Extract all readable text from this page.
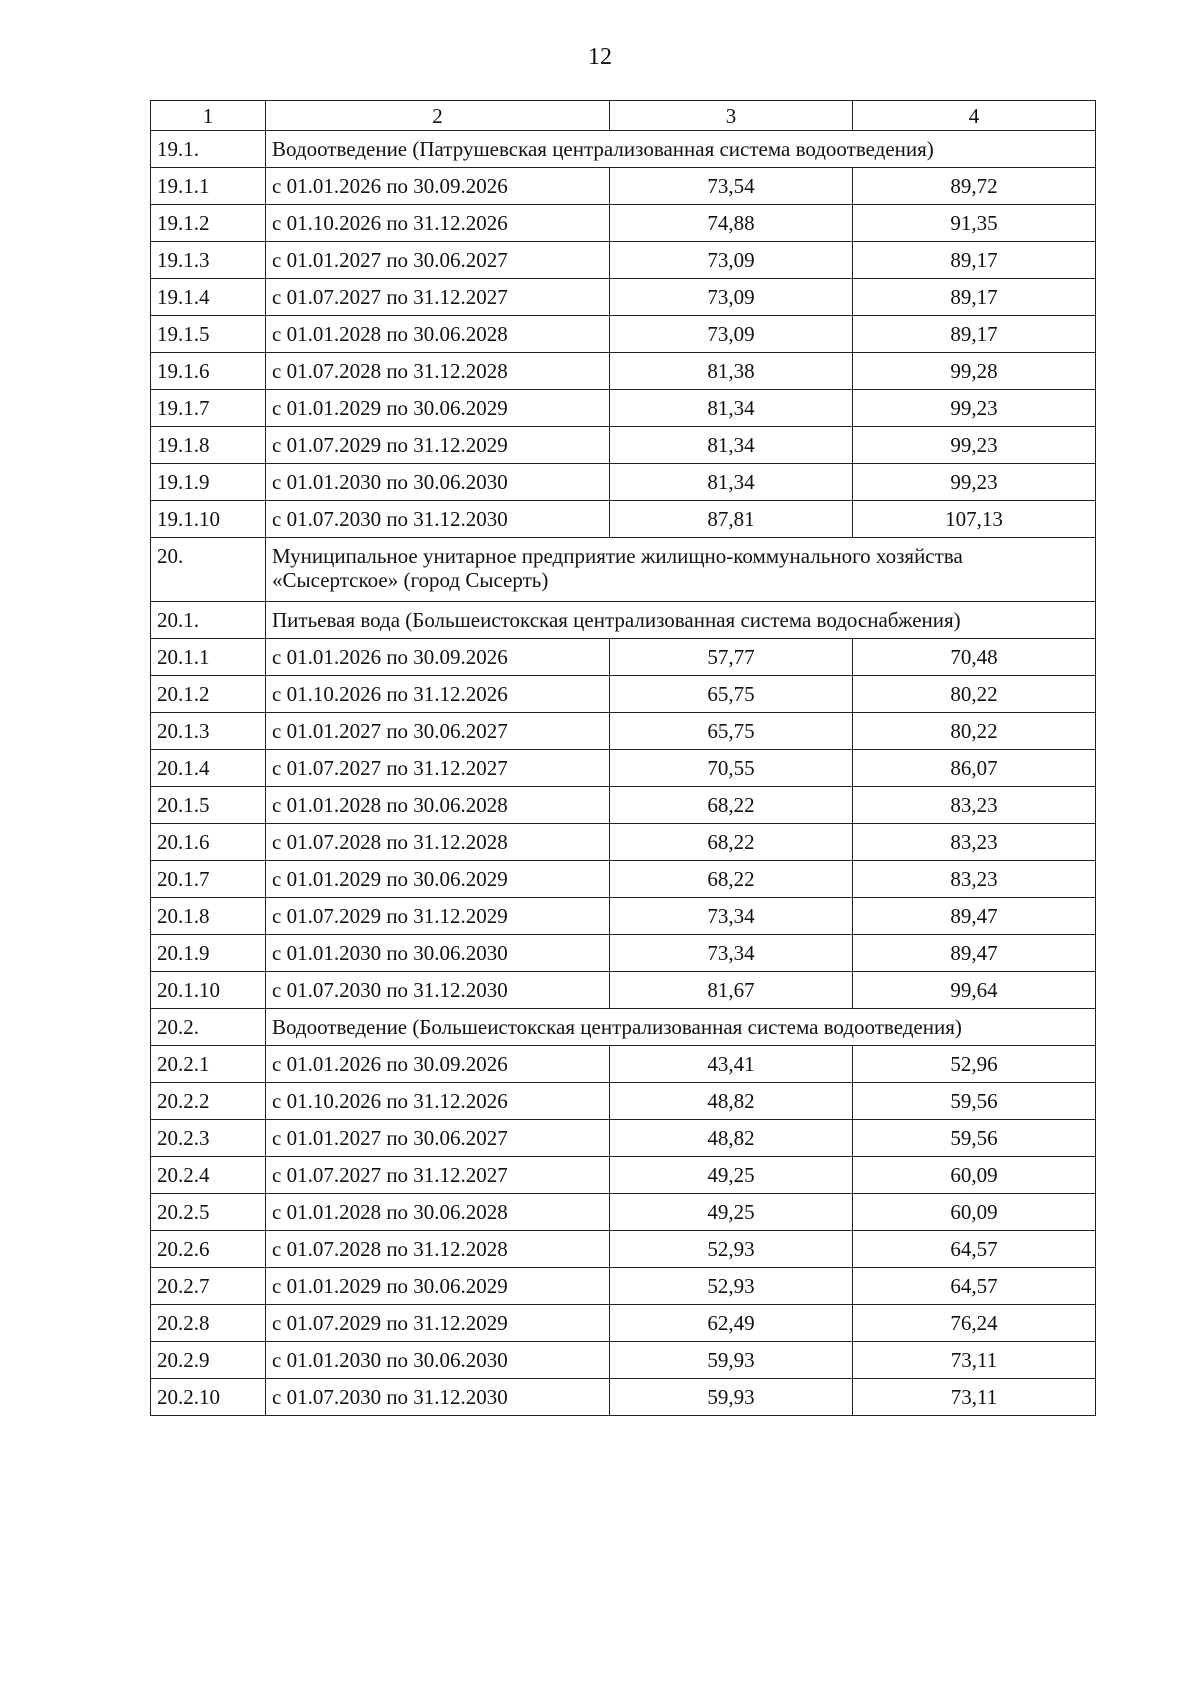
12
1	2	3	4
19.1.	Водоотведение (Патрушевская централизованная система водоотведения)		
19.1.1	с 01.01.2026 по 30.09.2026	73,54	89,72
19.1.2	с 01.10.2026 по 31.12.2026	74,88	91,35
19.1.3	с 01.01.2027 по 30.06.2027	73,09	89,17
19.1.4	с 01.07.2027 по 31.12.2027	73,09	89,17
19.1.5	с 01.01.2028 по 30.06.2028	73,09	89,17
19.1.6	с 01.07.2028 по 31.12.2028	81,38	99,28
19.1.7	с 01.01.2029 по 30.06.2029	81,34	99,23
19.1.8	с 01.07.2029 по 31.12.2029	81,34	99,23
19.1.9	с 01.01.2030 по 30.06.2030	81,34	99,23
19.1.10	с 01.07.2030 по 31.12.2030	87,81	107,13
20.	Муниципальное унитарное предприятие жилищно-коммунального хозяйства «Сысертское» (город Сысерть)		
20.1.	Питьевая вода (Большеистокская централизованная система водоснабжения)		
20.1.1	с 01.01.2026 по 30.09.2026	57,77	70,48
20.1.2	с 01.10.2026 по 31.12.2026	65,75	80,22
20.1.3	с 01.01.2027 по 30.06.2027	65,75	80,22
20.1.4	с 01.07.2027 по 31.12.2027	70,55	86,07
20.1.5	с 01.01.2028 по 30.06.2028	68,22	83,23
20.1.6	с 01.07.2028 по 31.12.2028	68,22	83,23
20.1.7	с 01.01.2029 по 30.06.2029	68,22	83,23
20.1.8	с 01.07.2029 по 31.12.2029	73,34	89,47
20.1.9	с 01.01.2030 по 30.06.2030	73,34	89,47
20.1.10	с 01.07.2030 по 31.12.2030	81,67	99,64
20.2.	Водоотведение (Большеистокская централизованная система водоотведения)		
20.2.1	с 01.01.2026 по 30.09.2026	43,41	52,96
20.2.2	с 01.10.2026 по 31.12.2026	48,82	59,56
20.2.3	с 01.01.2027 по 30.06.2027	48,82	59,56
20.2.4	с 01.07.2027 по 31.12.2027	49,25	60,09
20.2.5	с 01.01.2028 по 30.06.2028	49,25	60,09
20.2.6	с 01.07.2028 по 31.12.2028	52,93	64,57
20.2.7	с 01.01.2029 по 30.06.2029	52,93	64,57
20.2.8	с 01.07.2029 по 31.12.2029	62,49	76,24
20.2.9	с 01.01.2030 по 30.06.2030	59,93	73,11
20.2.10	с 01.07.2030 по 31.12.2030	59,93	73,11
